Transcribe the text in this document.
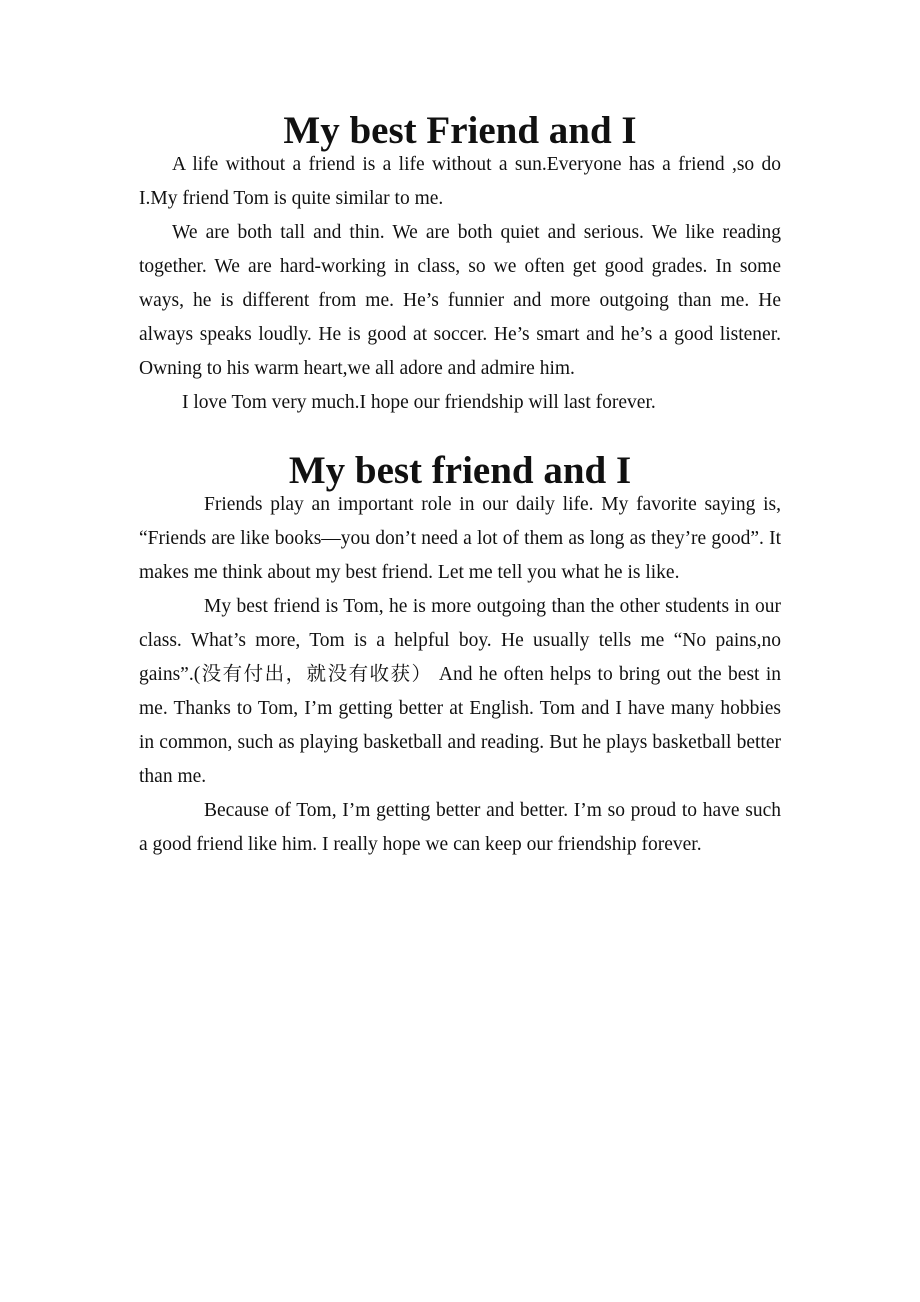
My best Friend and I

A life without a friend is a life without a sun.Everyone has a friend ,so do I.My friend Tom is quite similar to me.

We are both tall and thin. We are both quiet and serious. We like reading together. We are hard-working in class, so we often get good grades. In some ways, he is different from me. He’s funnier and more outgoing than me. He always speaks loudly. He is good at soccer. He’s smart and he’s a good listener. Owning to his warm heart,we all adore and admire him.

I love Tom very much.I hope our friendship will last forever.

My best friend and I

Friends play an important role in our daily life. My favorite saying is, “Friends are like books—you don’t need a lot of them as long as they’re good”. It makes me think about my best friend. Let me tell you what he is like.

My best friend is Tom, he is more outgoing than the other students in our class. What’s more, Tom is a helpful boy. He usually tells me “No pains,no gains”.(没有付出，就没有收获） And he often helps to bring out the best in me. Thanks to Tom, I’m getting better at English. Tom and I have many hobbies in common, such as playing basketball and reading. But he plays basketball better than me.

Because of Tom, I’m getting better and better. I’m so proud to have such a good friend like him. I really hope we can keep our friendship forever.
